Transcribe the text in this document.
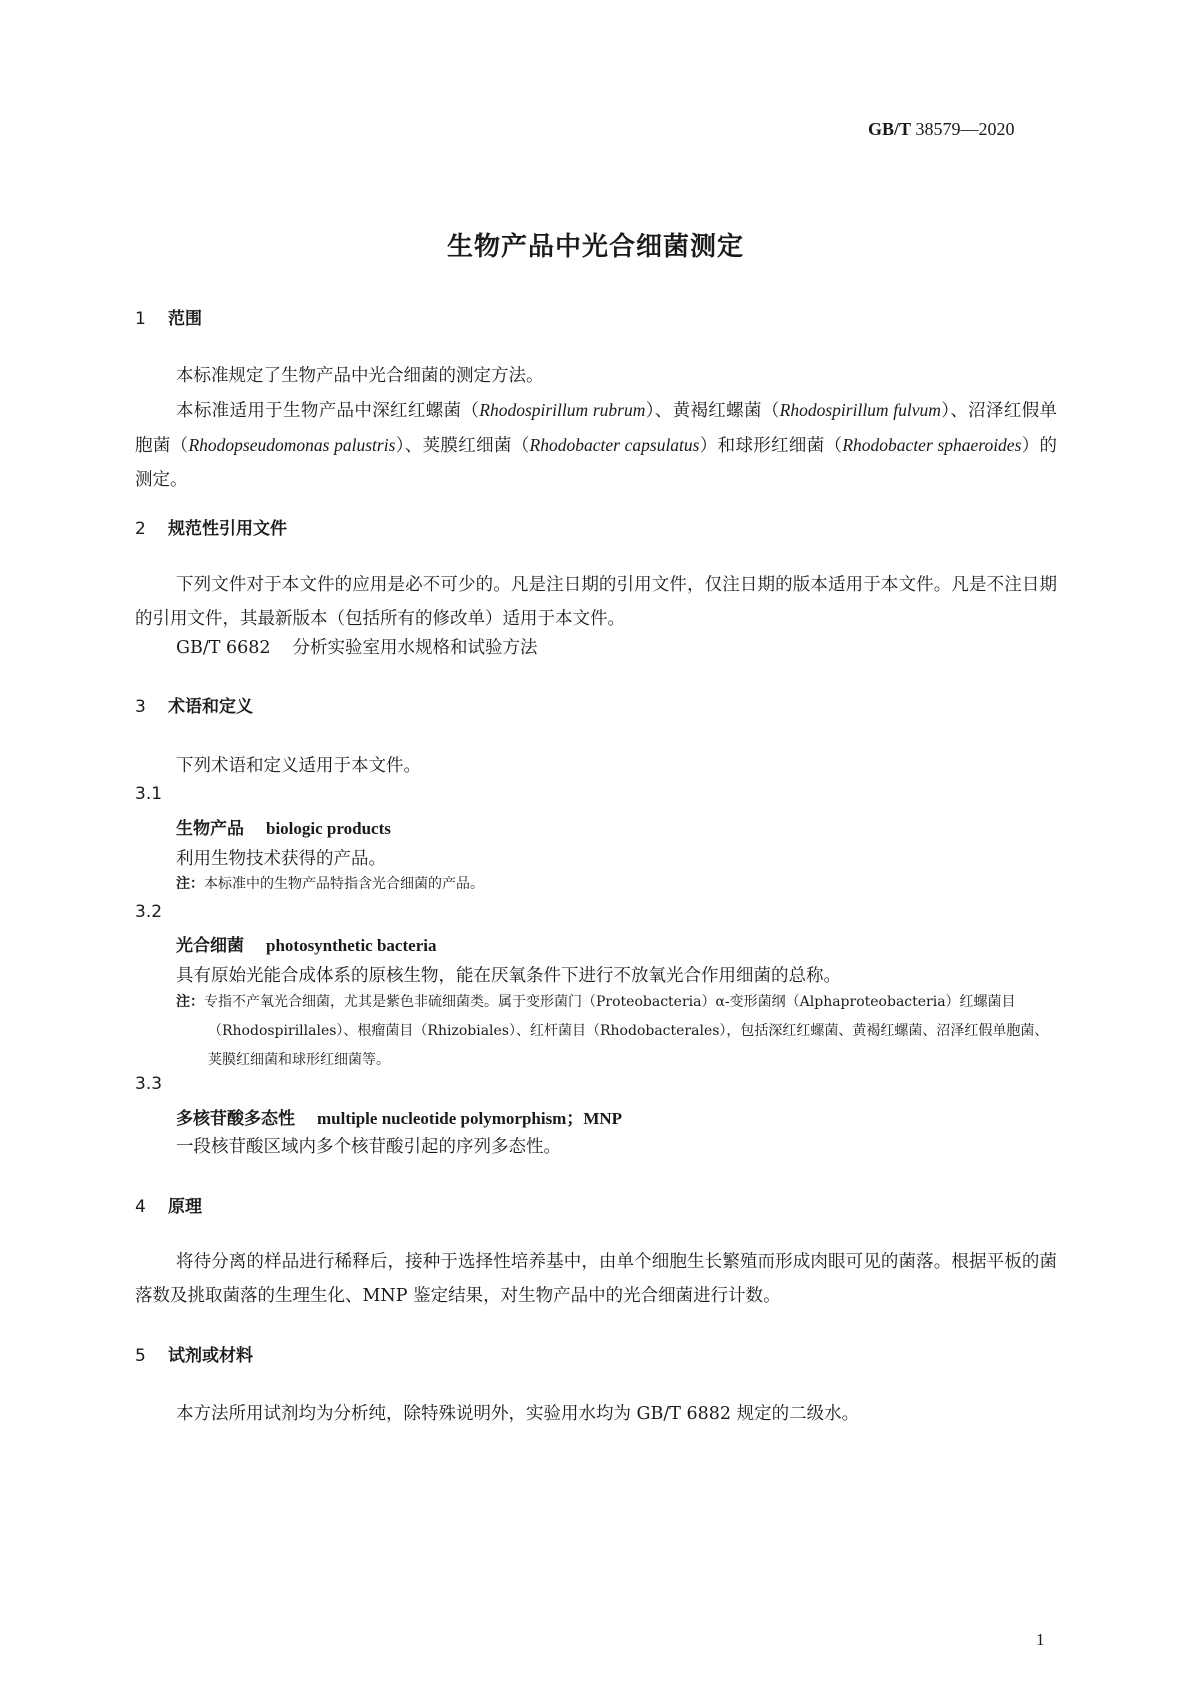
GB/T 38579—2020
生物产品中光合细菌测定
1 范围
本标准规定了生物产品中光合细菌的测定方法。
本标准适用于生物产品中深红红螺菌（Rhodospirillum rubrum）、黄褐红螺菌（Rhodospirillum fulvum）、沼泽红假单胞菌（Rhodopseudomonas palustris）、荚膜红细菌（Rhodobacter capsulatus）和球形红细菌（Rhodobacter sphaeroides）的测定。
2 规范性引用文件
下列文件对于本文件的应用是必不可少的。凡是注日期的引用文件，仅注日期的版本适用于本文件。凡是不注日期的引用文件，其最新版本（包括所有的修改单）适用于本文件。
GB/T 6682 分析实验室用水规格和试验方法
3 术语和定义
下列术语和定义适用于本文件。
3.1
生物产品 biologic products
利用生物技术获得的产品。
注：本标准中的生物产品特指含光合细菌的产品。
3.2
光合细菌 photosynthetic bacteria
具有原始光能合成体系的原核生物，能在厌氧条件下进行不放氧光合作用细菌的总称。
注：专指不产氧光合细菌，尤其是紫色非硫细菌类。属于变形菌门（Proteobacteria）α-变形菌纲（Alphaproteobacteria）红螺菌目（Rhodospirillales）、根瘤菌目（Rhizobiales）、红杆菌目（Rhodobacterales），包括深红红螺菌、黄褐红螺菌、沼泽红假单胞菌、荚膜红细菌和球形红细菌等。
3.3
多核苷酸多态性 multiple nucleotide polymorphism；MNP
一段核苷酸区域内多个核苷酸引起的序列多态性。
4 原理
将待分离的样品进行稀释后，接种于选择性培养基中，由单个细胞生长繁殖而形成肉眼可见的菌落。根据平板的菌落数及挑取菌落的生理生化、MNP 鉴定结果，对生物产品中的光合细菌进行计数。
5 试剂或材料
本方法所用试剂均为分析纯，除特殊说明外，实验用水均为 GB/T 6882 规定的二级水。
1
